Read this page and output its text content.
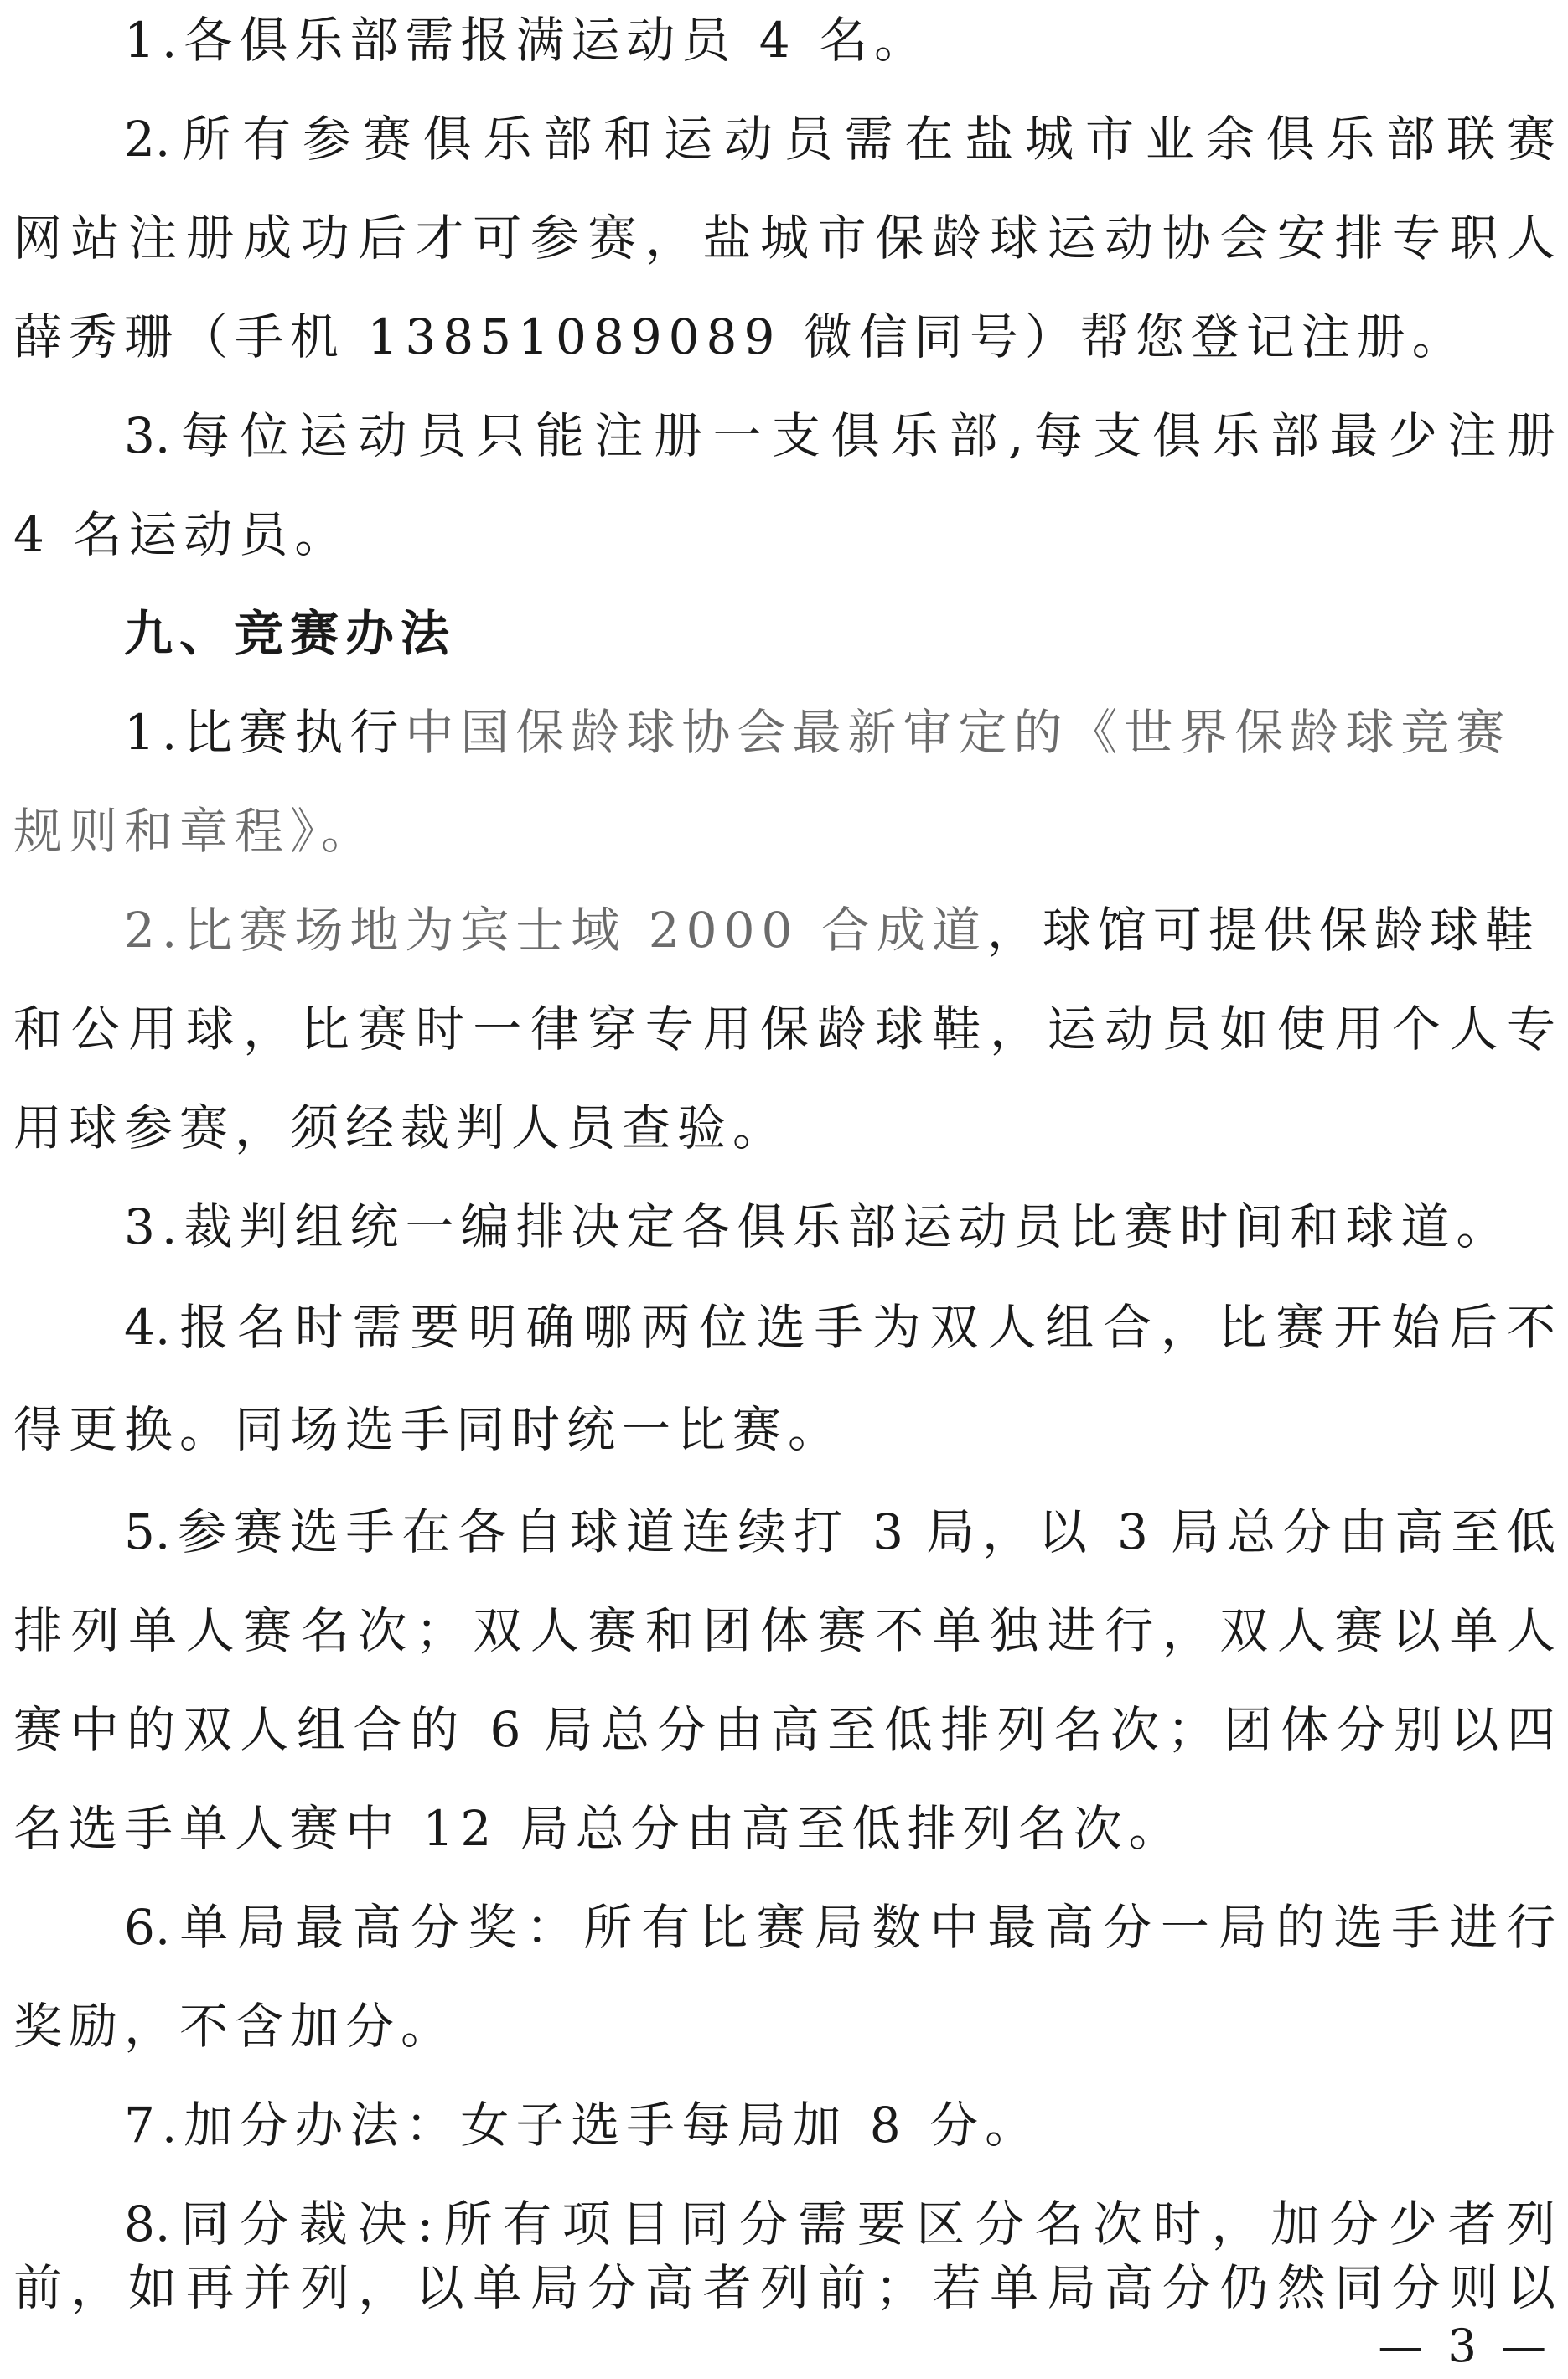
1.各俱乐部需报满运动员 4 名。
2.所有参赛俱乐部和运动员需在盐城市业余俱乐部联赛
网站注册成功后才可参赛，盐城市保龄球运动协会安排专职人
薛秀珊（手机 13851089089 微信同号）帮您登记注册。
3.每位运动员只能注册一支俱乐部,每支俱乐部最少注册
4 名运动员。
九、竞赛办法
1.比赛执行中国保龄球协会最新审定的《世界保龄球竞赛
规则和章程》。
2.比赛场地为宾士域 2000 合成道，球馆可提供保龄球鞋
和公用球，比赛时一律穿专用保龄球鞋，运动员如使用个人专
用球参赛，须经裁判人员查验。
3.裁判组统一编排决定各俱乐部运动员比赛时间和球道。
4.报名时需要明确哪两位选手为双人组合，比赛开始后不
得更换。同场选手同时统一比赛。
5.参赛选手在各自球道连续打 3 局，以 3 局总分由高至低
排列单人赛名次；双人赛和团体赛不单独进行，双人赛以单人
赛中的双人组合的 6 局总分由高至低排列名次；团体分别以四
名选手单人赛中 12 局总分由高至低排列名次。
6.单局最高分奖：所有比赛局数中最高分一局的选手进行
奖励，不含加分。
7.加分办法：女子选手每局加 8 分。
8.同分裁决:所有项目同分需要区分名次时，加分少者列
前，如再并列，以单局分高者列前；若单局高分仍然同分则以
— 3 —
